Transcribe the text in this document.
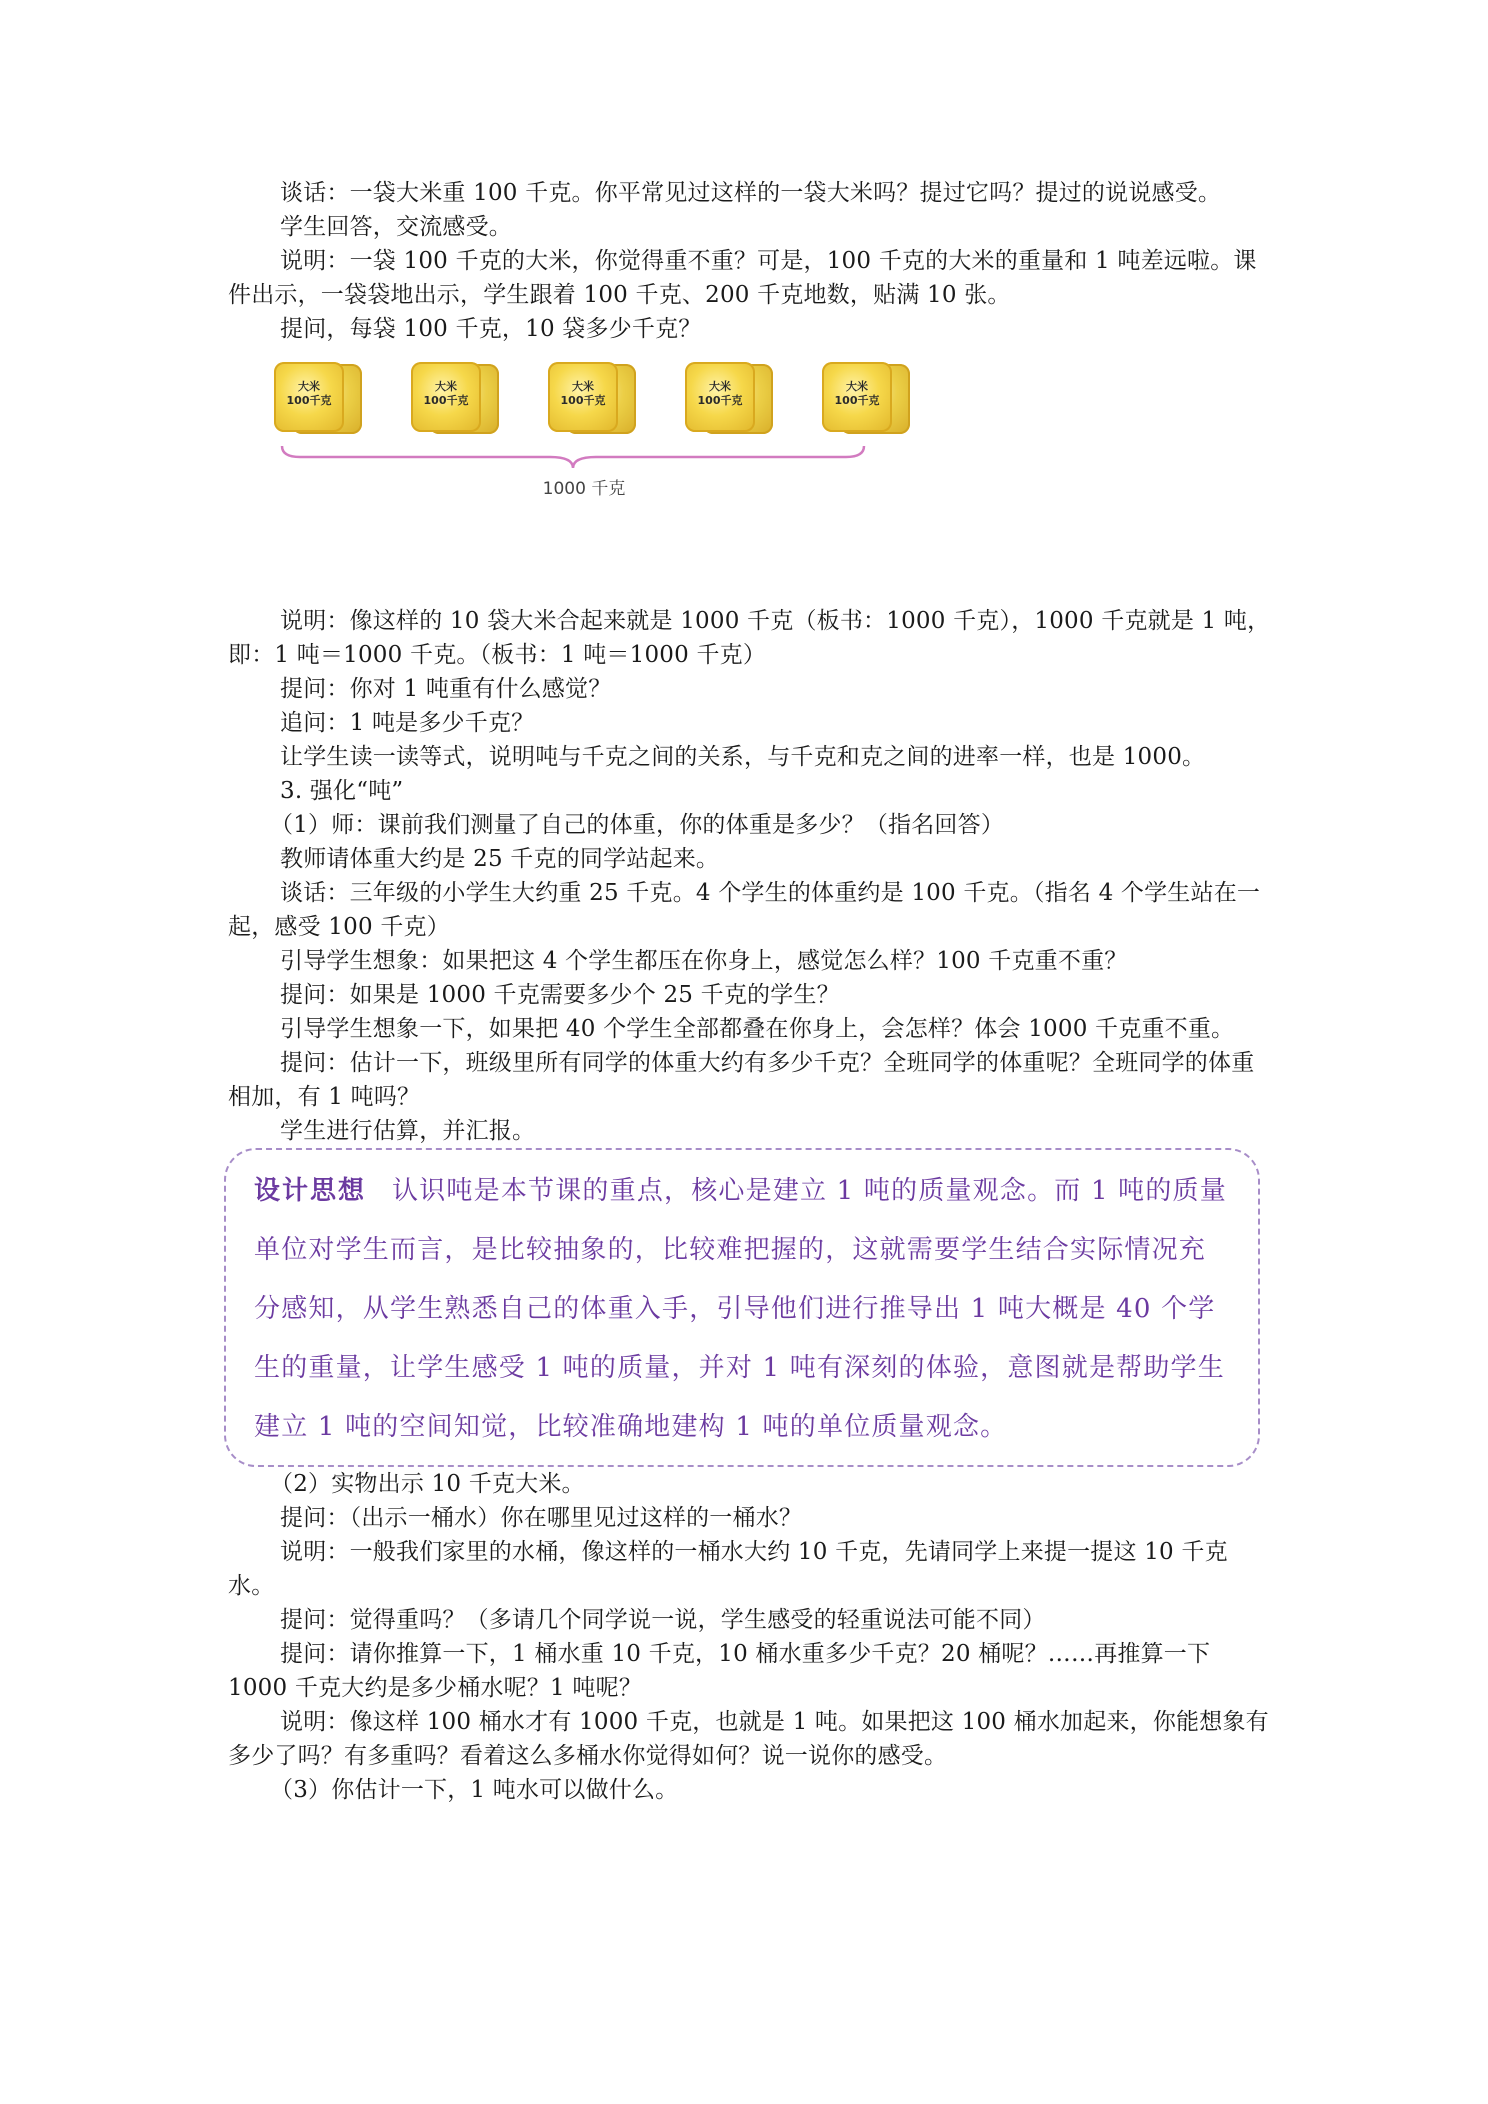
谈话：一袋大米重 100 千克。你平常见过这样的一袋大米吗？提过它吗？提过的说说感受。

学生回答，交流感受。

说明：一袋 100 千克的大米，你觉得重不重？可是，100 千克的大米的重量和 1 吨差远啦。课件出示，一袋袋地出示，学生跟着 100 千克、200 千克地数，贴满 10 张。

提问，每袋 100 千克，10 袋多少千克？

大米
100千克
大米
100千克
大米
100千克
大米
100千克
大米
100千克
1000 千克

说明：像这样的 10 袋大米合起来就是 1000 千克（板书：1000 千克），1000 千克就是 1 吨，即：1 吨＝1000 千克。（板书：1 吨＝1000 千克）

提问：你对 1 吨重有什么感觉？

追问：1 吨是多少千克？

让学生读一读等式，说明吨与千克之间的关系，与千克和克之间的进率一样，也是 1000。

3. 强化“吨”

（1）师：课前我们测量了自己的体重，你的体重是多少？（指名回答）

教师请体重大约是 25 千克的同学站起来。

谈话：三年级的小学生大约重 25 千克。4 个学生的体重约是 100 千克。（指名 4 个学生站在一起，感受 100 千克）

引导学生想象：如果把这 4 个学生都压在你身上，感觉怎么样？100 千克重不重？

提问：如果是 1000 千克需要多少个 25 千克的学生？

引导学生想象一下，如果把 40 个学生全部都叠在你身上，会怎样？体会 1000 千克重不重。

提问：估计一下，班级里所有同学的体重大约有多少千克？全班同学的体重呢？全班同学的体重相加，有 1 吨吗？

学生进行估算，并汇报。

设计思想 认识吨是本节课的重点，核心是建立 1 吨的质量观念。而 1 吨的质量单位对学生而言，是比较抽象的，比较难把握的，这就需要学生结合实际情况充分感知，从学生熟悉自己的体重入手，引导他们进行推导出 1 吨大概是 40 个学生的重量，让学生感受 1 吨的质量，并对 1 吨有深刻的体验，意图就是帮助学生建立 1 吨的空间知觉，比较准确地建构 1 吨的单位质量观念。

（2）实物出示 10 千克大米。

提问：（出示一桶水）你在哪里见过这样的一桶水？

说明：一般我们家里的水桶，像这样的一桶水大约 10 千克，先请同学上来提一提这 10 千克水。

提问：觉得重吗？（多请几个同学说一说，学生感受的轻重说法可能不同）

提问：请你推算一下，1 桶水重 10 千克，10 桶水重多少千克？20 桶呢？……再推算一下 1000 千克大约是多少桶水呢？1 吨呢？

说明：像这样 100 桶水才有 1000 千克，也就是 1 吨。如果把这 100 桶水加起来，你能想象有多少了吗？有多重吗？看着这么多桶水你觉得如何？说一说你的感受。

（3）你估计一下，1 吨水可以做什么。
